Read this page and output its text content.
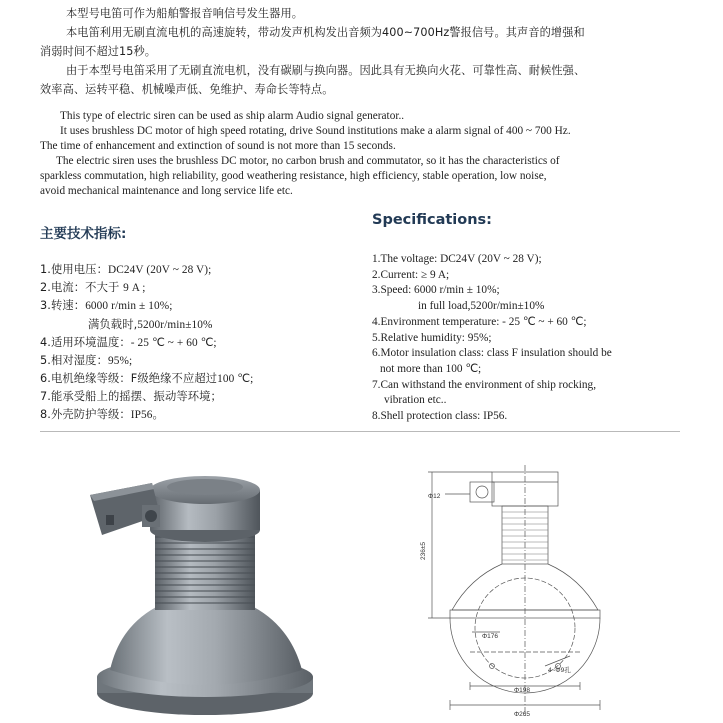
本型号电笛可作为船舶警报音响信号发生器用。
本电笛利用无刷直流电机的高速旋转，带动发声机构发出音频为400~700Hz警报信号。其声音的增强和
消弱时间不超过15秒。
由于本型号电笛采用了无刷直流电机，没有碳刷与换向器。因此具有无换向火花、可靠性高、耐候性强、
效率高、运转平稳、机械噪声低、免维护、寿命长等特点。
This type of electric siren can be used as ship alarm Audio signal generator..
It uses brushless DC motor of high speed rotating, drive Sound institutions make a alarm signal of 400 ~ 700 Hz.
The time of enhancement and extinction of sound is not more than 15 seconds.
The electric siren uses the brushless DC motor, no carbon brush and commutator, so it has the characteristics of
sparkless commutation, high reliability, good weathering resistance, high efficiency, stable operation, low noise,
avoid mechanical maintenance and long service life etc.
主要技术指标:
Specifications:
1.使用电压：DC24V (20V ~ 28 V);
2.电流：不大于 9 A ;
3.转速：6000 r/min ± 10%;
满负载时,5200r/min±10%
4.适用环境温度：- 25 ℃ ~ + 60 ℃;
5.相对湿度：95%;
6.电机绝缘等级：F级绝缘不应超过100 ℃;
7.能承受船上的摇摆、振动等环境；
8.外壳防护等级：IP56。
1.The voltage: DC24V (20V ~ 28 V);
2.Current: ≥ 9 A;
3.Speed: 6000 r/min ± 10%;
in full load,5200r/min±10%
4.Environment temperature: - 25 ℃ ~ + 60 ℃;
5.Relative humidity: 95%;
6.Motor insulation class: class F insulation should be
not more than 100 ℃;
7.Can withstand the environment of ship rocking,
vibration etc..
8.Shell protection class: IP56.
Φ12
236±5
Φ176
4~Φ9孔
Φ198
Φ265
